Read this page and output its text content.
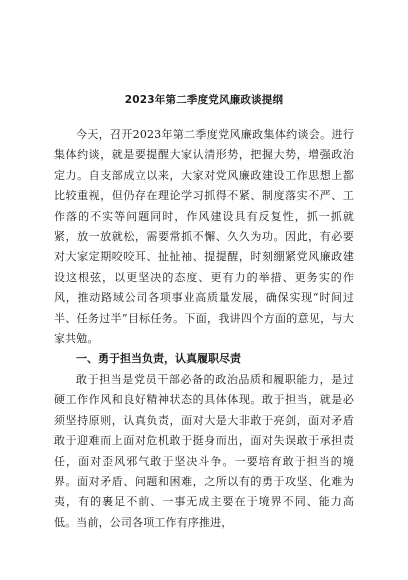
2023年第二季度党风廉政谈提纲

今天，召开2023年第二季度党风廉政集体约谈会。进行集体约谈，就是要提醒大家认清形势，把握大势，增强政治定力。自支部成立以来，大家对党风廉政建设工作思想上都比较重视，但仍存在理论学习抓得不紧、制度落实不严、工作落的不实等问题同时，作风建设具有反复性，抓一抓就紧，放一放就松，需要常抓不懈、久久为功。因此，有必要对大家定期咬咬耳、扯扯袖、提提醒，时刻绷紧党风廉政建设这根弦，以更坚决的态度、更有力的举措、更务实的作风，推动路域公司各项事业高质量发展，确保实现“时间过半、任务过半”目标任务。下面，我讲四个方面的意见，与大家共勉。

一、勇于担当负责，认真履职尽责

敢于担当是党员干部必备的政治品质和履职能力，是过硬工作作风和良好精神状态的具体体现。敢于担当，就是必须坚持原则，认真负责，面对大是大非敢于亮剑，面对矛盾敢于迎难而上面对危机敢于挺身而出，面对失误敢于承担责任，面对歪风邪气敢于坚决斗争。一要培育敢于担当的境界。面对矛盾、问题和困难，之所以有的勇于攻坚、化难为夷，有的裹足不前、一事无成主要在于境界不同、能力高低。当前，公司各项工作有序推进，
